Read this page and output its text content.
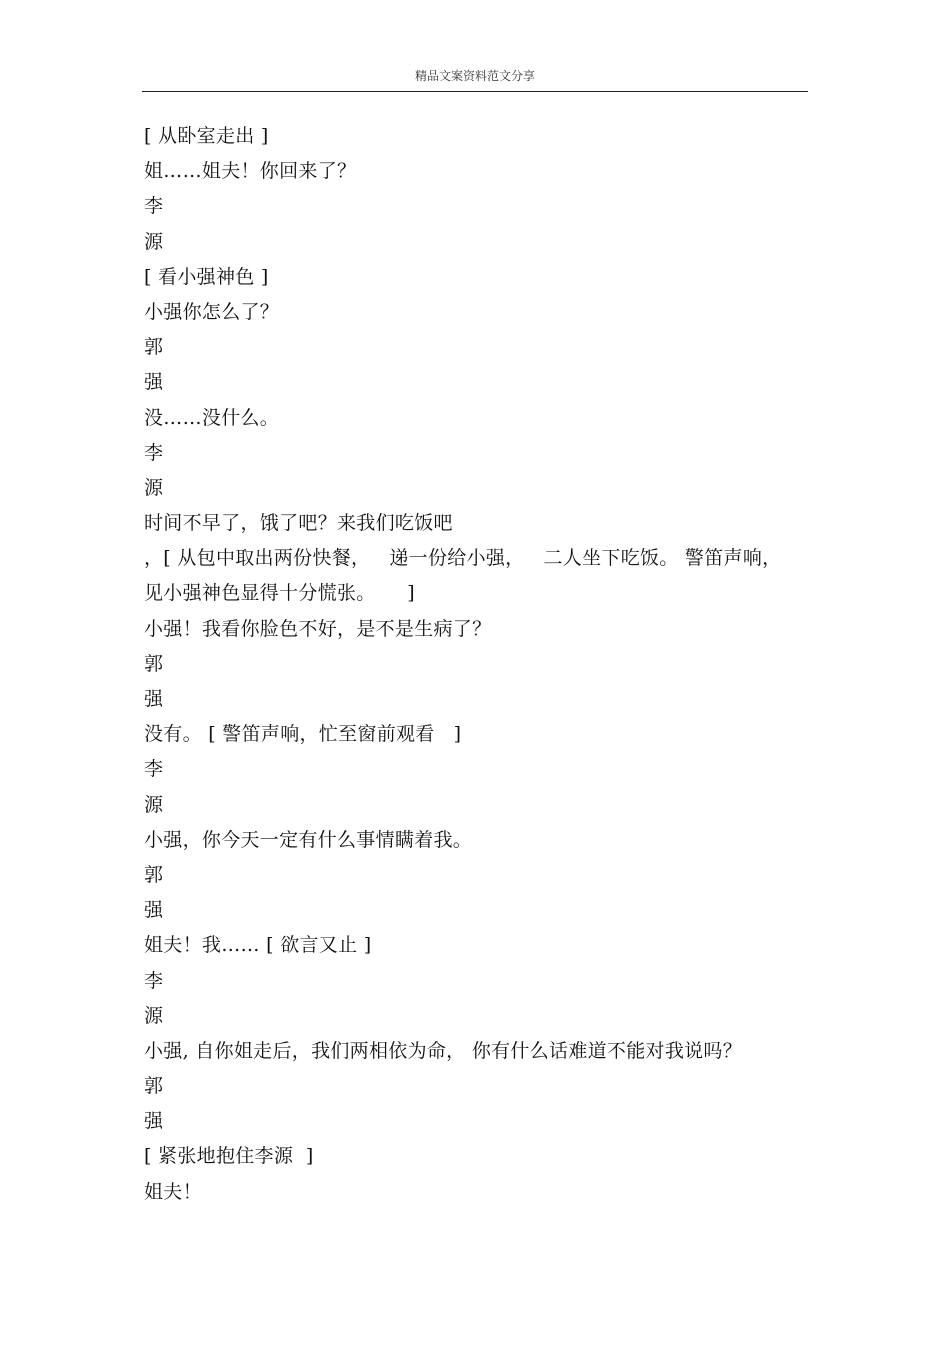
精品文案资料范文分享
[ 从卧室走出 ]
姐……姐夫！你回来了？
李
源
[ 看小强神色 ]
小强你怎么了？
郭
强
没……没什么。
李
源
时间不早了，饿了吧？来我们吃饭吧
，[ 从包中取出两份快餐，   递一份给小强，   二人坐下吃饭。 警笛声响，
见小强神色显得十分慌张。     ]
小强！我看你脸色不好，是不是生病了？
郭
强
没有。 [ 警笛声响，忙至窗前观看   ]
李
源
小强，你今天一定有什么事情瞒着我。
郭
强
姐夫！我…… [ 欲言又止 ]
李
源
小强, 自你姐走后，我们两相依为命， 你有什么话难道不能对我说吗？
郭
强
[ 紧张地抱住李源  ]
姐夫！
